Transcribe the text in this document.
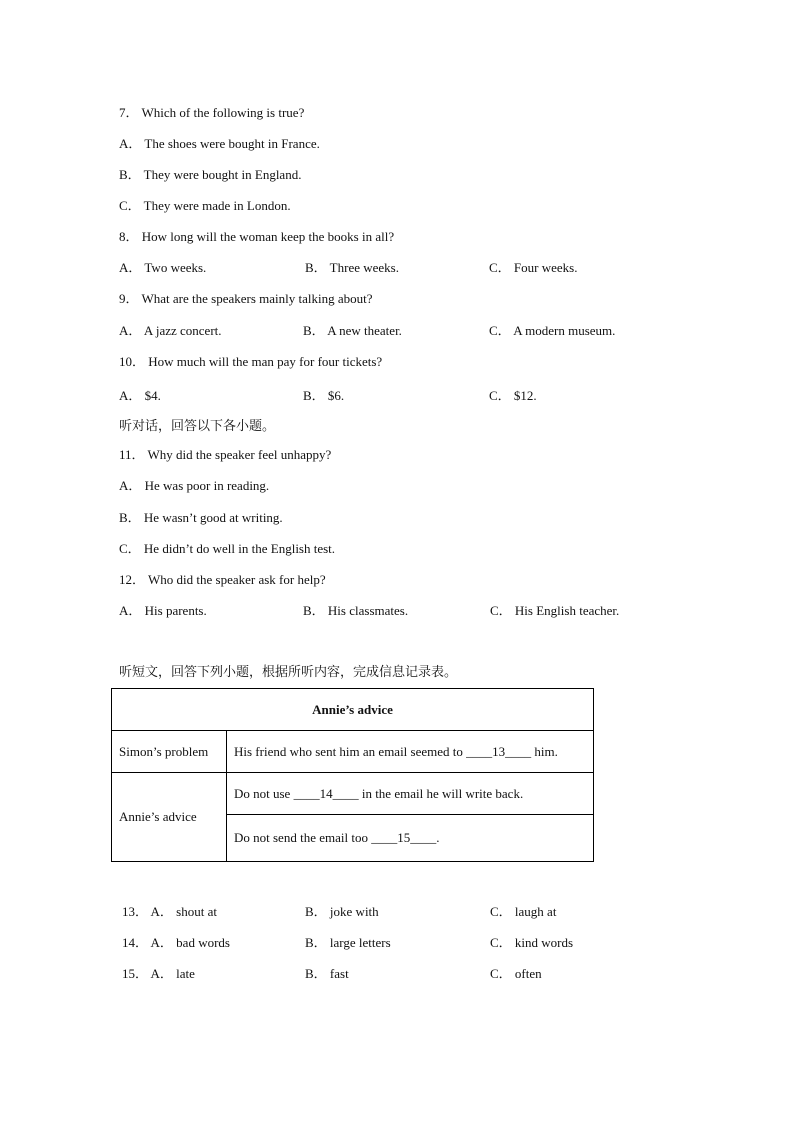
7． Which of the following is true?
A． The shoes were bought in France.
B． They were bought in England.
C． They were made in London.
8． How long will the woman keep the books in all?
A． Two weeks.	B． Three weeks.	C． Four weeks.
9． What are the speakers mainly talking about?
A． A jazz concert.	B． A new theater.	C． A modern museum.
10． How much will the man pay for four tickets?
A． $4.	B． $6.	C． $12.
听对话，回答以下各小题。
11． Why did the speaker feel unhappy?
A． He was poor in reading.
B． He wasn’t good at writing.
C． He didn’t do well in the English test.
12． Who did the speaker ask for help?
A． His parents.	B． His classmates.	C． His English teacher.
听短文，回答下列小题，根据所听内容，完成信息记录表。
Annie’s advice	
Simon’s problem	His friend who sent him an email seemed to ____13____ him.
Annie’s advice	Do not use ____14____ in the email he will write back.
	Do not send the email too ____15____.
13． A． shout at	B． joke with	C． laugh at
14． A． bad words	B． large letters	C． kind words
15． A． late	B． fast	C． often
